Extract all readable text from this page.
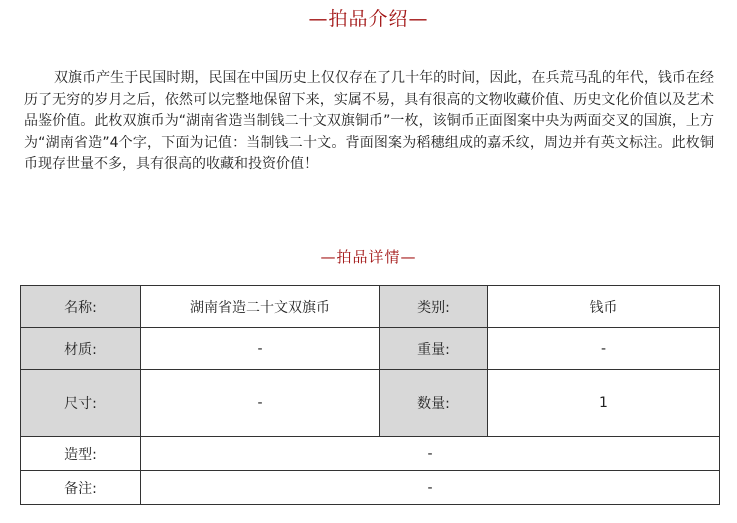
—拍品介绍—

双旗币产生于民国时期，民国在中国历史上仅仅存在了几十年的时间，因此，在兵荒马乱的年代，钱币在经历了无穷的岁月之后，依然可以完整地保留下来，实属不易，具有很高的文物收藏价值、历史文化价值以及艺术品鉴价值。此枚双旗币为“湖南省造当制钱二十文双旗铜币”一枚，该铜币正面图案中央为两面交叉的国旗，上方为“湖南省造”4个字，下面为记值：当制钱二十文。背面图案为稻穗组成的嘉禾纹，周边并有英文标注。此枚铜币现存世量不多，具有很高的收藏和投资价值！

—拍品详情—
名称:	湖南省造二十文双旗币	类别:	钱币
材质:	-	重量:	-
尺寸:	-	数量:	1
造型:	-		
备注:	-		
